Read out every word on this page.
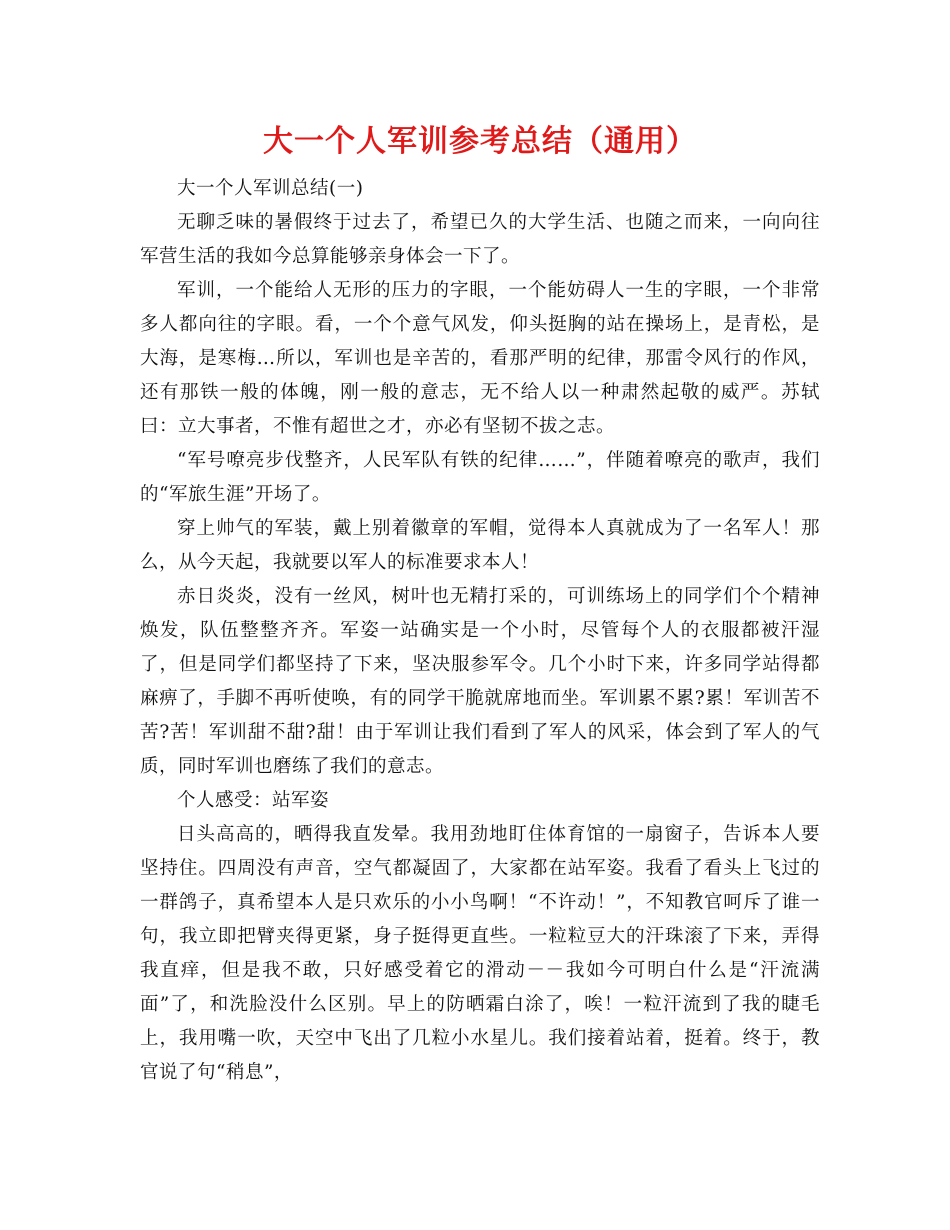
大一个人军训参考总结（通用）

大一个人军训总结(一)

无聊乏味的暑假终于过去了，希望已久的大学生活、也随之而来，一向向往军营生活的我如今总算能够亲身体会一下了。

军训，一个能给人无形的压力的字眼，一个能妨碍人一生的字眼，一个非常多人都向往的字眼。看，一个个意气风发，仰头挺胸的站在操场上，是青松，是大海，是寒梅…所以，军训也是辛苦的，看那严明的纪律，那雷令风行的作风，还有那铁一般的体魄，刚一般的意志，无不给人以一种肃然起敬的威严。苏轼曰：立大事者，不惟有超世之才，亦必有坚韧不拔之志。

“军号嘹亮步伐整齐，人民军队有铁的纪律……”，伴随着嘹亮的歌声，我们的“军旅生涯”开场了。

穿上帅气的军装，戴上别着徽章的军帽，觉得本人真就成为了一名军人！那么，从今天起，我就要以军人的标准要求本人！

赤日炎炎，没有一丝风，树叶也无精打采的，可训练场上的同学们个个精神焕发，队伍整整齐齐。军姿一站确实是一个小时，尽管每个人的衣服都被汗湿了，但是同学们都坚持了下来，坚决服参军令。几个小时下来，许多同学站得都麻痹了，手脚不再听使唤，有的同学干脆就席地而坐。军训累不累?累！军训苦不苦?苦！军训甜不甜?甜！由于军训让我们看到了军人的风采，体会到了军人的气质，同时军训也磨练了我们的意志。

个人感受：站军姿

日头高高的，晒得我直发晕。我用劲地盯住体育馆的一扇窗子，告诉本人要坚持住。四周没有声音，空气都凝固了，大家都在站军姿。我看了看头上飞过的一群鸽子，真希望本人是只欢乐的小小鸟啊！“不许动！”，不知教官呵斥了谁一句，我立即把臂夹得更紧，身子挺得更直些。一粒粒豆大的汗珠滚了下来，弄得我直痒，但是我不敢，只好感受着它的滑动－－我如今可明白什么是“汗流满面”了，和洗脸没什么区别。早上的防晒霜白涂了，唉！一粒汗流到了我的睫毛上，我用嘴一吹，天空中飞出了几粒小水星儿。我们接着站着，挺着。终于，教官说了句“稍息”，
